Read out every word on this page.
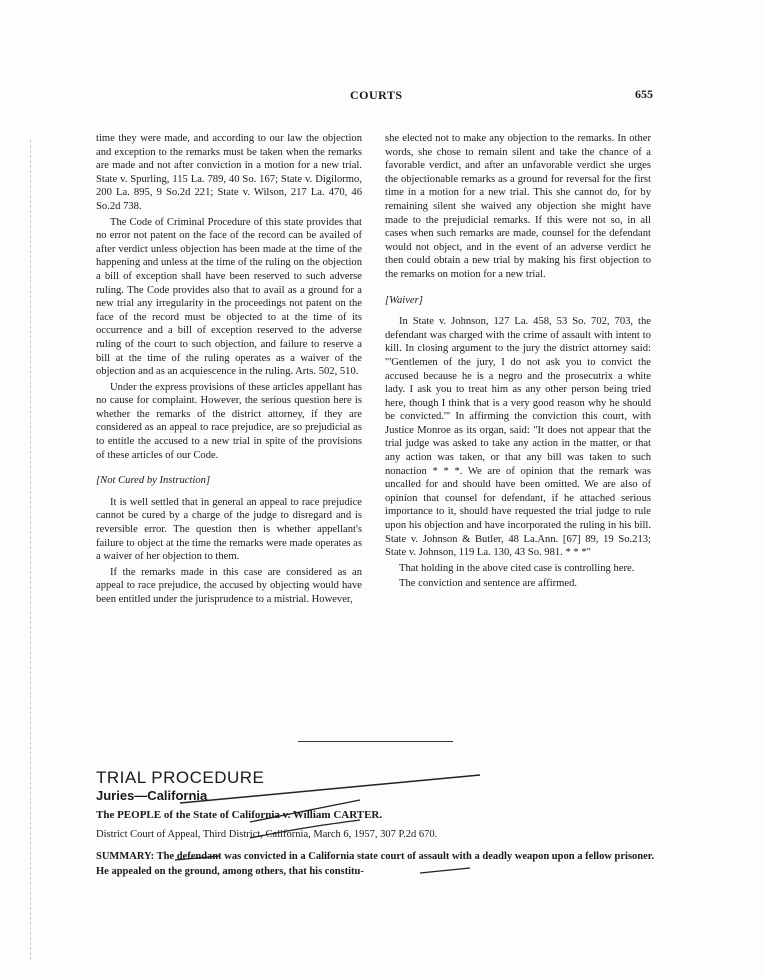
COURTS	655

time they were made, and according to our law the objection and exception to the remarks must be taken when the remarks are made and not after conviction in a motion for a new trial. State v. Spurling, 115 La. 789, 40 So. 167; State v. Digilormo, 200 La. 895, 9 So.2d 221; State v. Wilson, 217 La. 470, 46 So.2d 738.

The Code of Criminal Procedure of this state provides that no error not patent on the face of the record can be availed of after verdict unless objection has been made at the time of the happening and unless at the time of the ruling on the objection a bill of exception shall have been reserved to such adverse ruling. The Code provides also that to avail as a ground for a new trial any irregularity in the proceedings not patent on the face of the record must be objected to at the time of its occurrence and a bill of exception reserved to the adverse ruling of the court to such objection, and failure to reserve a bill at the time of the ruling operates as a waiver of the objection and as an acquiescence in the ruling. Arts. 502, 510.

Under the express provisions of these articles appellant has no cause for complaint. However, the serious question here is whether the remarks of the district attorney, if they are considered as an appeal to race prejudice, are so prejudicial as to entitle the accused to a new trial in spite of the provisions of these articles of our Code.

[Not Cured by Instruction]

It is well settled that in general an appeal to race prejudice cannot be cured by a charge of the judge to disregard and is reversible error. The question then is whether appellant's failure to object at the time the remarks were made operates as a waiver of her objection to them.

If the remarks made in this case are considered as an appeal to race prejudice, the accused by objecting would have been entitled under the jurisprudence to a mistrial. However,

she elected not to make any objection to the remarks. In other words, she chose to remain silent and take the chance of a favorable verdict, and after an unfavorable verdict she urges the objectionable remarks as a ground for reversal for the first time in a motion for a new trial. This she cannot do, for by remaining silent she waived any objection she might have made to the prejudicial remarks. If this were not so, in all cases when such remarks are made, counsel for the defendant would not object, and in the event of an adverse verdict he then could obtain a new trial by making his first objection to the remarks on motion for a new trial.

[Waiver]

In State v. Johnson, 127 La. 458, 53 So. 702, 703, the defendant was charged with the crime of assault with intent to kill. In closing argument to the jury the district attorney said: "'Gentlemen of the jury, I do not ask you to convict the accused because he is a negro and the prosecutrix a white lady. I ask you to treat him as any other person being tried here, though I think that is a very good reason why he should be convicted.'" In affirming the conviction this court, with Justice Monroe as its organ, said: "It does not appear that the trial judge was asked to take any action in the matter, or that any action was taken, or that any bill was taken to such nonaction * * *. We are of opinion that the remark was uncalled for and should have been omitted. We are also of opinion that counsel for defendant, if he attached serious importance to it, should have requested the trial judge to rule upon his objection and have incorporated the ruling in his bill. State v. Johnson & Butler, 48 La.Ann. [67] 89, 19 So.213; State v. Johnson, 119 La. 130, 43 So. 981. * * *"

That holding in the above cited case is controlling here.

The conviction and sentence are affirmed.

TRIAL PROCEDURE
Juries—California
The PEOPLE of the State of California v. William CARTER.
District Court of Appeal, Third District, California, March 6, 1957, 307 P.2d 670.
SUMMARY: The defendant was convicted in a California state court of assault with a deadly weapon upon a fellow prisoner. He appealed on the ground, among others, that his constitu-
